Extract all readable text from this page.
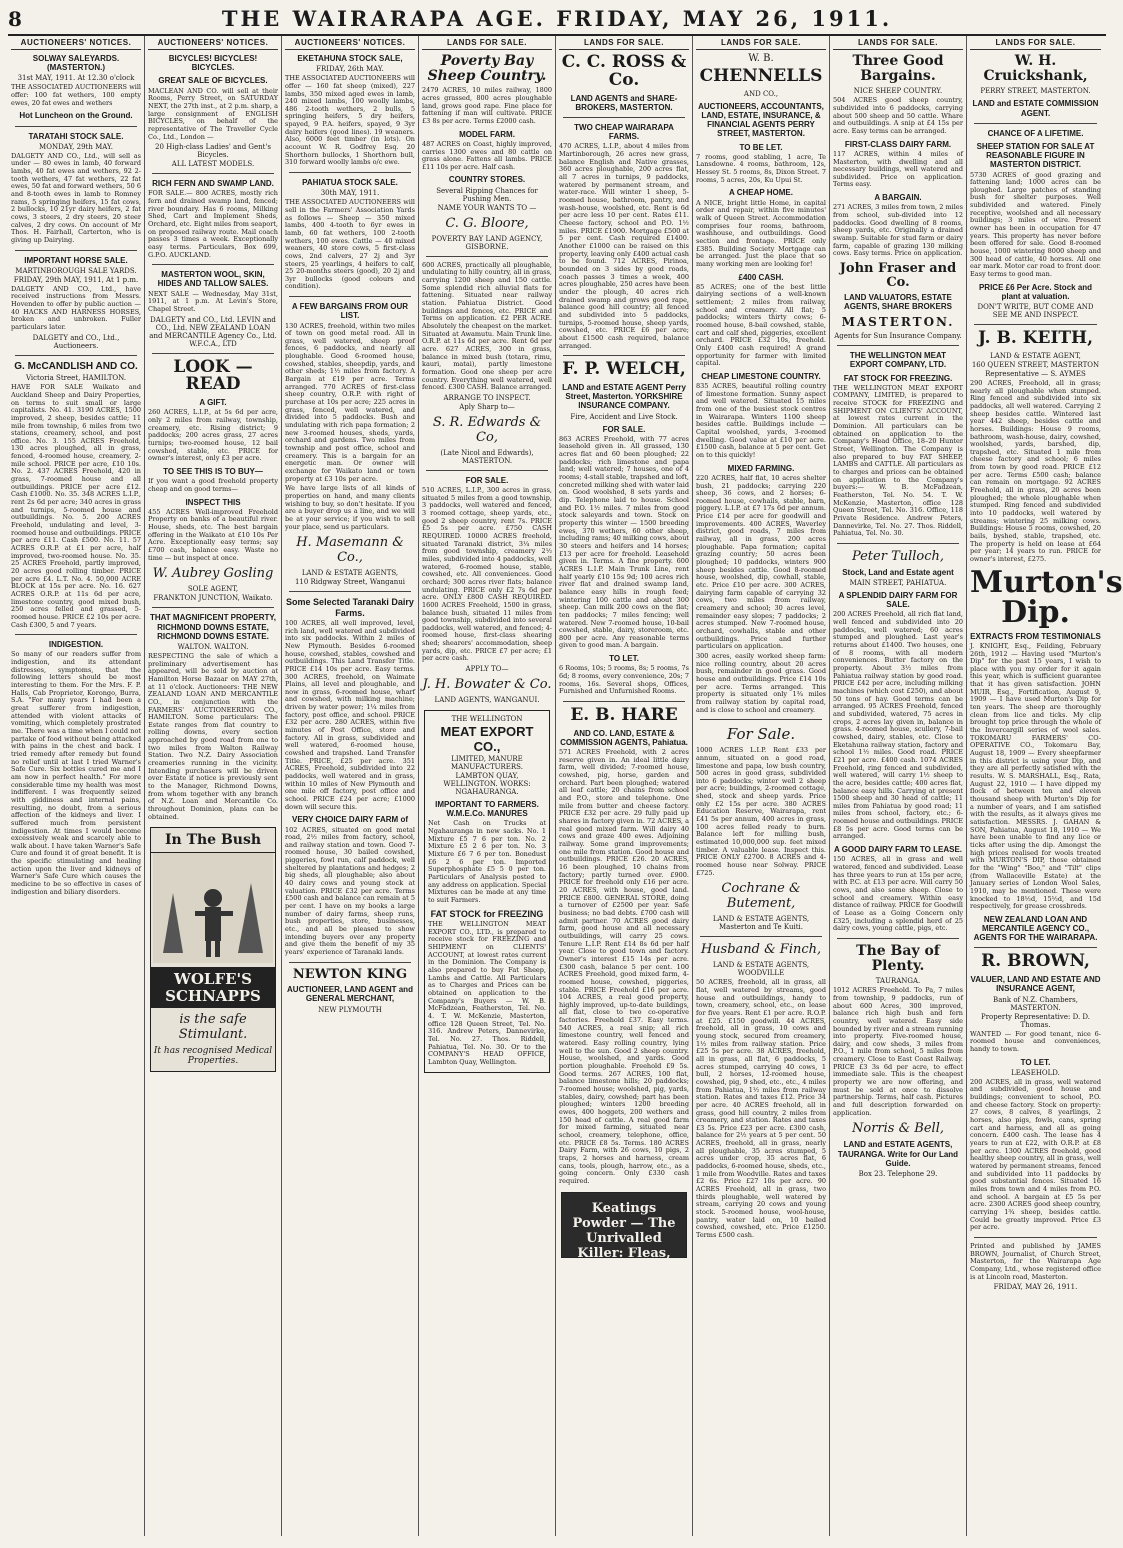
8	THE WAIRARAPA AGE. FRIDAY, MAY 26, 1911.
AUCTIONEERS' NOTICES.
SOLWAY SALEYARDS. (MASTERTON.)
31st MAY, 1911. At 12.30 o'clock
THE ASSOCIATED AUCTIONEERS will offer: 100 fat wethers, 100 empty ewes, 20 fat ewes and wethers
Hot Luncheon on the Ground.
TARATAHI STOCK SALE.
MONDAY, 29th MAY.
DALGETY AND CO., Ltd., will sell as under — 80 ewes in lamb, 40 forward lambs, 40 fat ewes and wethers, 92 2-tooth wethers, 47 fat wethers, 22 fat ewes, 50 fat and forward wethers, 50 6 and 8-tooth ewes in lamb to Romney rams, 5 springing heifers, 15 fat cows, 2 bullocks, 10 21yr dairy heifers, 2 fat cows, 3 steers, 2 dry steers, 20 steer calves, 2 dry cows. On account of Mr Thos. H. Fairhall, Carterton, who is giving up Dairying.
IMPORTANT HORSE SALE.
MARTINBOROUGH SALE YARDS.
FRIDAY, 29th MAY, 1911, At 1 p.m.
DALGETY AND CO., Ltd., have received instructions from Messrs. Hovenden to offer by public auction — 40 HACKS AND HARNESS HORSES, broken and unbroken. Fuller particulars later.
DALGETY and CO., Ltd., Auctioneers.
G. McCANDLISH AND CO.
Victoria Street, HAMILTON.
HAVE FOR SALE Waikato and Auckland Sheep and Dairy Properties, on terms to suit small or large capitalists. No. 41. 3190 ACRES, 1500 improved, 2 sheep, besides cattle; 11 mile from township, 6 miles from two stations, creamery, school, and post office. No. 3. 155 ACRES Freehold, 130 acres ploughed, all in grass, fenced, 4-roomed house, creamery, 2-mile school. PRICE per acre, £10 10s. No. 2. 437 ACRES Freehold, 420 in grass, 7-roomed house and all outbuildings. PRICE per acre £12. Cash £1000. No. 35. 348 ACRES L.I.P., rent 2s 6d per acre; 340 acres in grass and turnips, 5-roomed house and outbuildings. No. 5. 200 ACRES Freehold, undulating and level, 3-roomed house and outbuildings. PRICE per acre £11. Cash £500. No. 11. 57 ACRES O.R.P. at £1 per acre, half improved, two-roomed house. No. 35. 25 ACRES Freehold, partly improved, 20 acres good rolling timber. PRICE per acre £4. L.T. No. 4. 50,000 ACRE BLOCK at 15s per acre. No. 16. 627 ACRES O.R.P. at 11s 6d per acre, limestone country, good mixed bush, 250 acres felled and grassed, 5-roomed house. PRICE £2 10s per acre. Cash £300, 5 and 7 years.
INDIGESTION.
So many of our readers suffer from indigestion, and its attendant distresses, symptoms, that the following letters should be most interesting to them. For the Mrs. F. P. Halls, Cab Proprietor, Korongo, Burra, S.A. "For many years I had been a great sufferer from indigestion, attended with violent attacks of vomiting, which completely prostrated me. There was a time when I could not partake of food without being attacked with pains in the chest and back. I tried remedy after remedy but found no relief until at last I tried Warner's Safe Cure. Six bottles cured me and I am now in perfect health." For more considerable time my health was most indifferent. I was frequently seized with giddiness and internal pains, resulting, no doubt, from a serious affection of the kidneys and liver. I suffered much from persistent indigestion. At times I would become excessively weak and scarcely able to walk about. I have taken Warner's Safe Cure and found it of great benefit. It is the specific stimulating and healing action upon the liver and kidneys of Warner's Safe Cure which causes the medicine to be so effective in cases of indigestion and biliary disorders.
AUCTIONEERS' NOTICES.
BICYCLES! BICYCLES! BICYCLES.
GREAT SALE OF BICYCLES.
MACLEAN AND CO. will sell at their Rooms, Perry Street, on SATURDAY NEXT, the 27th inst., at 2 p.m. sharp, a large consignment of ENGLISH BICYCLES, on behalf of the representative of The Traveller Cycle Co., Ltd., London —
20 High-class Ladies' and Gent's Bicycles.
ALL LATEST MODELS.
RICH FERN AND SWAMP LAND.
FOR SALE.— 800 ACRES, mostly rich fern and drained swamp land, fenced; river boundary. Has 6 rooms, Milking Shed, Cart and Implement Sheds, Orchard, etc. Eight miles from seaport, on proposed railway route. Mail coach passes 3 times a week. Exceptionally easy terms. Particulars, Box 699, G.P.O. AUCKLAND.
MASTERTON WOOL, SKIN, HIDES AND TALLOW SALES.
NEXT SALE — Wednesday, May 31st, 1911, at 1 p.m. At Levin's Store, Chapel Street.
DALGETY and CO., Ltd. LEVIN and CO., Ltd. NEW ZEALAND LOAN and MERCANTILE Agency Co., Ltd. W.F.C.A., LTD
LOOK — READ
A GIFT.
260 ACRES, L.I.P., at 5s 6d per acre, only 2 miles from railway, township, creamery, etc. Rising district; 9 paddocks; 200 acres grass, 27 acres turnips; two-roomed house, 12 bail cowshed, stable, etc. PRICE for owner's interest, only £3 per acre.
TO SEE THIS IS TO BUY—
If you want a good freehold property cheap and on good terms—
INSPECT THIS
455 ACRES Well-improved Freehold Property on banks of a beautiful river. House, sheds, etc. The best bargain offering in the Waikato at £10 10s Per Acre. Exceptionally easy terms; say £700 cash, balance easy. Waste no time — but inspect at once.
W. Aubrey Gosling
SOLE AGENT,
FRANKTON JUNCTION, Waikato.
THAT MAGNIFICENT PROPERTY, RICHMOND DOWNS ESTATE, RICHMOND DOWNS ESTATE.
WALTON. WALTON.
RESPECTING the sale of which a preliminary advertisement has appeared, will be sold by auction at Hamilton Horse Bazaar on MAY 27th, at 11 o'clock. Auctioneers: THE NEW ZEALAND LOAN AND MERCANTILE CO., in conjunction with the FARMERS' AUCTIONEERING CO., HAMILTON. Some particulars: The Estate ranges from flat country to rolling downs, every section approached by good road from one to two miles from Walton Railway Station. Two N.Z. Dairy Association creameries running in the vicinity. Intending purchasers will be driven over Estate if notice is previously sent to the Manager, Richmond Downs, from whom together with any branch of N.Z. Loan and Mercantile Co. throughout Dominion, plans can be obtained.
In The Bush
WOLFE'S SCHNAPPS
is the safe Stimulant.
It has recognised Medical Properties.
AUCTIONEERS' NOTICES.
EKETAHUNA STOCK SALE,
FRIDAY, 26th MAY.
THE ASSOCIATED AUCTIONEERS will offer — 160 fat sheep (mixed), 227 lambs, 350 mixed aged ewes in lamb, 240 mixed lambs, 100 woolly lambs, 486 2-tooth wethers, 2 bulls, 5 springing heifers, 5 dry heifers, spayed, 9 P.A. heifers, spayed, 9 3yr dairy heifers (good lines). 19 weaners. Also, 6000 feet timber (in lots). On account W. R. Godfrey Esq. 20 Shorthorn bullocks, 1 Shorthorn bull, 310 forward woolly lambs o/c ewe.
PAHIATUA STOCK SALE.
30th MAY, 1911.
THE ASSOCIATED AUCTIONEERS will sell in the Farmers' Association Yards as follows — Sheep — 350 mixed lambs, 400 4-tooth to 6yr ewes in lamb, 60 fat wethers, 100 2-tooth wethers, 100 ewes. Cattle — 40 mixed weaners, 40 store cows, 5 first-class cows, 2nd calvers, 27 2j and 3yr steers, 25 yearlings, 4 heifers to calf, 25 20-months steers (good), 20 2j and 3yr bullocks (good colours and condition).
A FEW BARGAINS FROM OUR LIST.
130 ACRES, freehold, within two miles of town on good metal road. All in grass, well watered, sheep proof fences, 6 paddocks, and nearly all ploughable. Good 6-roomed house, cowshed, stables, sheepdip, yards, and other sheds; 1½ miles from factory. A Bargain at £19 per acre. Terms arranged. 770 ACRES of first-class sheep country, O.R.P. with right of purchase at 10s per acre; 225 acres in grass, fenced, well watered, and divided into 5 paddocks. Bush and undulating with rich papa formation; 2 new 3-roomed houses, sheds, yards, orchard and gardens. Two miles from township and post office, school and creamery. This is a bargain for an energetic man. Or owner will exchange for Waikato land or town property at £3 10s per acre.
We have large lists of all kinds of properties on hand, and many clients wishing to buy, so don't hesitate. If you are a buyer drop us a line, and we will be at your service; if you wish to sell your place, send us particulars.
H. Masemann & Co.,
LAND & ESTATE AGENTS,
110 Ridgway Street, Wanganui
Some Selected Taranaki Dairy Farms.
100 ACRES, all well improved, level, rich land, well watered and subdivided into six paddocks. Within 2 miles of New Plymouth. Besides 6-roomed house, cowshed, stables, cowshed and outbuildings. This Land Transfer Title. PRICE £14 10s per acre. Easy terms. 300 ACRES, freehold, on Waimate Plains, all level and ploughable, and now in grass, 6-roomed house, wharf and cowshed, with milking machine; driven by water power; 1¼ miles from factory, post office, and school. PRICE £32 per acre. 280 ACRES, within five minutes of Post Office, store and factory. All in grass, subdivided and well watered, 6-roomed house, cowshed and trapshed. Land Transfer Title. PRICE, £25 per acre. 351 ACRES, Freehold, subdivided into 22 paddocks, well watered and in grass, within 10 miles of New Plymouth and one mile off factory, post office and school. PRICE £24 per acre; £1000 down will secure this.
VERY CHOICE DAIRY FARM of
102 ACRES, situated on good metal road, 2½ miles from factory, school, and railway station and town. Good 7-roomed house, 30 bailed cowshed, piggeries, fowl run, calf paddock, well sheltered by plantations and hedges; 2 big sheds, all ploughable; also about 40 dairy cows and young stock at valuation. PRICE £32 per acre. Terms £500 cash and balance can remain at 5 per cent. I have on my books a large number of dairy farms, sheep runs, bush properties, store, businesses, etc., and all be pleased to show intending buyers over any property and give them the benefit of my 35 years' experience of Taranaki lands.
NEWTON KING
AUCTIONEER, LAND AGENT and GENERAL MERCHANT,
NEW PLYMOUTH
LANDS FOR SALE.
Poverty Bay Sheep Country.
2479 ACRES, 10 miles railway, 1800 acres grassed, 800 acres ploughable land, grows good rape. Fine place for fattening if man will cultivate. PRICE £3 8s per acre. Terms £2000 cash.
MODEL FARM.
487 ACRES on Coast, highly improved, carries 1300 ewes and 80 cattle on grass alone. Fattens all lambs. PRICE £11 10s per acre. Half cash.
COUNTRY STORES.
Several Ripping Chances for Pushing Men.
NAME YOUR WANTS TO —
C. G. Bloore,
POVERTY BAY LAND AGENCY, GISBORNE.
600 ACRES, practically all ploughable, undulating to hilly country, all in grass, carrying 1200 sheep and 150 cattle. Some splendid rich alluvial flats for fattening. Situated near railway station. Pahiatua District. Good buildings and fences, etc. PRICE and Terms on application. £2 PER ACRE. Absolutely the cheapest on the market. Situated at Awamutu. Main Trunk line. O.R.P. at 11s 6d per acre. Rent 6d per acre. 627 ACRES, 300 in grass, balance in mixed bush (totara, rimu, kauri, matai), partly limestone formation. Good one sheep per acre country. Everything well watered, well fenced. £300 CASH. Balance arranged.
ARRANGE TO INSPECT.
Aply Sharp to—
S. R. Edwards & Co,
(Late Nicol and Edwards), MASTERTON.
FOR SALE.
510 ACRES, L.I.P., 300 acres in grass, situated 5 miles from a good township, 3 paddocks, well watered and fenced, 3 roomed cottage, sheep yards, etc., good 2 sheep country, rent 7s. PRICE £5 5s per acre. £750 CASH REQUIRED. 10000 ACRES freehold, situated Taranaki district, 3¼ miles from good township, creamery 2½ miles, subdivided into 4 paddocks, well watered, 6-roomed house, stable, cowshed, etc. All conveniences. Good orchard; 300 acres river flats; balance undulating. PRICE only £2 7s 6d per acre. ONLY £800 CASH REQUIRED. 1600 ACRES Freehold, 1500 in grass, balance bush, situated 11 miles from good township, subdivided into several paddocks, well watered, and fenced; 4-roomed house, first-class shearing shed; shearers' accommodation, sheep yards, dip, etc. PRICE £7 per acre; £1 per acre cash.
APPLY TO—
J. H. Bowater & Co.
LAND AGENTS, WANGANUI.
THE WELLINGTON
MEAT EXPORT CO.,
LIMITED, MANURE MANUFACTURERS.
LAMBTON QUAY, WELLINGTON. WORKS: NGAHAURANGA.
IMPORTANT TO FARMERS. W.M.E.Co. MANURES
Net Cash on Trucks at Ngahauranga in new sacks. No. 1 Mixture £5 7 6 per ton. No. 2 Mixture £5 2 6 per ton. No. 3 Mixture £6 7 6 per ton. Bonedust £6 2 6 per ton. Imported Superphosphate £5 5 0 per ton. Particulars of Analysis posted to any address on application. Special Mixtures can be made at any time to suit Farmers.
FAT STOCK for FREEZING
THE WELLINGTON MEAT EXPORT CO., LTD., is prepared to receive stock for FREEZING and SHIPMENT on CLIENTS' ACCOUNT, at lowest rates current in the Dominion. The Company is also prepared to buy Fat Sheep, Lambs and Cattle. All Particulars as to Charges and Prices can be obtained on application to the Company's Buyers — W. B. McFadzean, Featherston, Tel. No. 4. T. W. McKenzie, Masterton, office 128 Queen Street, Tel. No. 316. Andrew Peters, Dannevirke, Tel. No. 27. Thos. Riddell, Pahiatua, Tel. No. 30. Or to the COMPANY'S HEAD OFFICE, Lambton Quay, Wellington.
LANDS FOR SALE.
C. C. ROSS & Co.
LAND AGENTS and SHARE-BROKERS, MASTERTON.
TWO CHEAP WAIRARAPA FARMS.
470 ACRES, L.I.P., about 4 miles from Martinborough, 26 acres new grass, balance English and Native grasses, 360 acres ploughable, 200 acres flat, all 7 acres in turnips, 9 paddocks, watered by permanent stream, and water-race. Will winter 1 sheep, 5-roomed house, bathroom, pantry, and wash-house, woolshed, etc. Rent is 6d per acre less 10 per cent. Rates £11. Cheese factory, school and P.O. 1½ miles. PRICE £1900. Mortgage £500 at 5 per cent. Cash required £1400. Another £1000 can be raised on this property, leaving only £400 actual cash to be found. 712 ACRES, Pirinoa, bounded on 3 sides by good roads, coach passes 3 times a week, 400 acres ploughable, 250 acres have been under the plough, 40 acres rich drained swamp and grows good rape, balance good hill country; all fenced and subdivided into 5 paddocks, turnips, 5-roomed house, sheep yards, cowshed, etc. PRICE £6 per acre; about £1500 cash required, balance arranged.
F. P. WELCH,
LAND and ESTATE AGENT Perry Street, Masterton. YORKSHIRE INSURANCE COMPANY.
Fire, Accident and Live Stock.
FOR SALE.
863 ACRES Freehold, with 77 acres leasehold given in. All grassed, 130 acres flat and 60 been ploughed; 22 paddocks; rich limestone and papa land; well watered; 7 houses, one of 4 rooms; 4-stall stable, trapshed and loft, concreted milking shed with water laid on. Good woolshed, 8 sets yards and dip. Telephone laid to house. School and P.O. 1½ miles. 7 miles from good stock saleyards and town. Stock on property this winter — 1500 breeding ewes, 370 wethers, 60 other sheep, including rams; 40 milking cows, about 30 steers and heifers and 14 horses; £13 per acre for freehold. Leasehold given in. Terms. A fine property. 600 ACRES L.I.P. Main Trunk Line, rent half yearly £10 15s 9d; 100 acres rich river flat and drained swamp land, balance easy hills in rough feed; wintering 100 cattle and about 300 sheep. Can milk 200 cows on the flat; ten paddocks; 7 miles fencing; well watered. New 7-roomed house, 10-bail cowshed, stable, dairy, storeroom, etc. 800 per acre. Any reasonable terms given to good man. A bargain.
TO LET.
6 Rooms, 10s; 5 rooms, 8s; 5 rooms, 7s 6d; 8 rooms, every convenience, 20s; 7 rooms, 16s. Several shops, Offices, Furnished and Unfurnished Rooms.
E. B. HARE
AND CO. LAND, ESTATE & COMMISSION AGENTS, Pahiatua.
571 ACRES Freehold, with 2 acres reserve given in. An ideal little dairy farm, well divided; 7-roomed house, cowshed, pig, horse, garden and orchard. Part been ploughed; watered all leaf cattle; 20 chains from school and P.O., store and telephone. One mile from butter and cheese factory. PRICE £32 per acre. 29 fully paid up shares in factory given in. 72 ACRES, a real good mixed farm. Will dairy 40 cows and graze 400 ewes. Adjoining railway. Some grand improvements; one mile from station. Good house and outbuildings. PRICE £26. 20 ACRES, 16 been ploughed, 10 chains from factory; partly turned over. £900. PRICE for freehold only £16 per acre. 20 ACRES, with house, good land. PRICE £800. GENERAL STORE, doing a turnover of £2500 per year. Safe business; no bad debts. £700 cash will admit partner. 70 ACRES good dairy farm, good house and all necessary outbuildings, will carry 25 cows. Tenure L.I.P. Rent £14 8s 6d per half year. Close to good town and factory. Owner's interest £15 14s per acre. £300 cash, balance 5 per cent. 100 ACRES Freehold, good mixed farm, 4-roomed house, cowshed, piggeries, stable. PRICE Freehold £16 per acre. 104 ACRES, a real good property, highly improved, up-to-date buildings, all flat, close to two co-operative factories. Freehold £37. Easy terms. 540 ACRES, a real snip; all rich limestone country, well fenced and watered. Easy rolling country, lying well to the sun. Good 2 sheep country. House, woolshed, and yards. Good portion ploughable. Freehold £9 5s. Good terms. 267 ACRES, 100 flat, balance limestone hills; 20 paddocks; 7-roomed house; woolshed, pig, yards, stables, dairy, cowshed; part has been ploughed; winters 1200 breeding ewes, 400 hoggets, 200 wethers and 150 head of cattle. A real good farm for mixed farming, situated near school, creamery, telephone, office, etc. PRICE £8 5s. Terms. 180 ACRES Dairy Farm, with 26 cows, 10 pigs, 2 traps, 2 horses and harness, cream cans, tools, plough, harrow, etc., as a going concern. Only £330 cash required.
Keatings Powder — The Unrivalled Killer: Fleas, Flies, Bugs, Beetles, etc.
LANDS FOR SALE.
W. B.
CHENNELLS
AND CO.,
AUCTIONEERS, ACCOUNTANTS, LAND, ESTATE, INSURANCE, & FINANCIAL AGENTS PERRY STREET, MASTERTON.
TO BE LET.
7 rooms, good stabling, 1 acre, Te Lansdowne. 4 rooms, bathroom, 12s, Hessey St. 5 rooms, 8s, Dixon Street. 7 rooms, 5 acres, 20s, Ku Upui St.
A CHEAP HOME.
A NICE, bright little Home, in capital order and repair, within five minutes' walk of Queen Street. Accommodation comprises four rooms, bathroom, washhouse, and outbuildings. Good section and frontage. PRICE only £385. Building Society Mortgage can be arranged. Just the place that so many working men are looking for!
£400 CASH.
85 ACRES; one of the best little dairying sections of a well-known settlement; 2 miles from railway, school and creamery. All flat; 5 paddocks; winters thirty cows; 6-roomed house, 8-bail cowshed, stable, cart and calf shed, piggeries, excellent orchard. PRICE £32 10s, freehold. Only £400 cash required! A grand opportunity for farmer with limited capital.
CHEAP LIMESTONE COUNTRY.
835 ACRES, beautiful rolling country of limestone formation. Sunny aspect and well watered. Situated 15 miles from one of the busiest stock centres in Wairarapa. Winters 1100 sheep besides cattle. Buildings include — Capital woolshed, yards, 3-roomed dwelling. Good value at £10 per acre. £1500 cash, balance at 5 per cent. Get on to this quickly!
MIXED FARMING.
220 ACRES, half flat, 10 acres shelter bush, 21 paddocks; carrying 220 sheep, 36 cows, and 2 horses; 6-roomed house, cowhails, stable, barn, piggery. L.I.P. at £7 17s 6d per annum. Price £14 per acre for goodwill and improvements. 400 ACRES, Waverley district, good roads, 7 miles from railway, all in grass, 200 acres ploughable. Papa formation; capital grazing country; 50 acres been ploughed; 10 paddocks, winters 900 sheep besides cattle. Good 8-roomed house, woolshed, dip, cowhall, stable, etc. Price £10 per acre. 300 ACRES, dairying farm capable of carrying 32 cows, two miles from railway, creamery and school; 30 acres level, remainder easy slopes; 7 paddocks; 2 acres stumped. New 7-roomed house, orchard, cowhalls, stable and other outbuildings. Price and further particulars on application.
300 acres, easily worked sheep farm: nice rolling country, about 20 acres bush, remainder in good grass. Good house and outbuildings. Price £14 10s per acre. Terms arranged. This property is situated only 1¾ miles from railway station by capital road, and is close to school and creamery.
For Sale.
1000 ACRES L.I.P. Rent £33 per annum, situated on a good road, limestone and papa, low bush country, 500 acres in good grass, subdivided into 6 paddocks; winter well 2 sheep per acre; buildings, 2-roomed cottage, shed, stock and sheep yards. Price only £2 15s per acre. 380 ACRES Education Reserve, Wairarapa, rent £41 5s per annum, 400 acres in grass, 100 acres felled ready to burn. Balance left for milling bush, estimated 10,000,000 sup. feet mixed timber. A valuable lease. Inspect this. PRICE ONLY £2700. 8 ACRES and 4-roomed house near Solway. PRICE £725.
Cochrane & Butement,
LAND & ESTATE AGENTS, Masterton and Te Kuiti.
Husband & Finch,
LAND & ESTATE AGENTS, WOODVILLE
50 ACRES, freehold, all in grass, all flat, well watered by streams, good house and outbuildings, handy to town, creamery, school, etc., on lease for five years. Rent £1 per acre. R.O.P. at £25. £150 goodwill. 44 ACRES, freehold, all in grass, 10 cows and young stock, secured from creamery, 1½ miles from railway station. Price £25 5s per acre. 38 ACRES, freehold, all in grass, all flat, 6 paddocks, 5 acres stumped, carrying 40 cows, 1 bull, 2 horses, 12-roomed house, cowshed, pig, 9 shed, etc., etc., 4 miles from Pahiatua, 1½ miles from railway station. Rates and taxes £12. Price 34 per acre. 40 ACRES freehold, all in grass, good hill country, 2 miles from creamery, and station. Rates and taxes £3 5s. Price £23 per acre. £300 cash, balance for 2½ years at 5 per cent. 50 ACRES, freehold, all in grass, nearly all ploughable, 35 acres stumped, 5 acres under crop, 35 acres flat, 6 paddocks, 6-roomed house, sheds, etc., 1 mile from Woodville. Rates and taxes £2 6s. Price £27 10s per acre. 90 ACRES Freehold, all in grass, two thirds ploughable, well watered by stream, carrying 20 cows and young stock. 5-roomed house, wool-house, pantry, water laid on, 10 bailed cowshed, cowshed, etc. Price £1250. Terms £500 cash.
LANDS FOR SALE.
Three Good Bargains.
NICE SHEEP COUNTRY.
504 ACRES good sheep country, subdivided into 6 paddocks, carrying about 500 sheep and 50 cattle. Whare and outbuildings. A snip at £4 15s per acre. Easy terms can be arranged.
FIRST-CLASS DAIRY FARM.
117 ACRES, within 4 miles of Masterton, with dwelling and all necessary buildings, well watered and subdivided. Price on application. Terms easy.
A BARGAIN.
271 ACRES, 3 miles from town, 2 miles from school, sub-divided into 12 paddocks. Good dwelling of 8 rooms, sheep yards, etc. Originally a drained swamp. Suitable for stud farm or dairy farm, capable of grazing 130 milking cows. Easy terms. Price on application.
John Fraser and Co.
LAND VALUATORS, ESTATE AGENTS, SHARE BROKERS
MASTERTON.
Agents for Sun Insurance Company.
THE WELLINGTON MEAT EXPORT COMPANY, LTD.
FAT STOCK FOR FREEZING.
THE WELLINGTON MEAT EXPORT COMPANY, LIMITED, is prepared to receive STOCK for FREEZING and SHIPMENT ON CLIENTS' ACCOUNT, at lowest rates current in the Dominion. All particulars can be obtained on application to the Company's Head Office, 18–20 Hunter Street, Wellington. The Company is also prepared to buy FAT SHEEP, LAMBS and CATTLE. All particulars as to charges and prices can be obtained on application to the Company's buyers:— W. B. McFadzean, Featherston, Tel. No. 54. T. W. McKenzie, Masterton, office 128 Queen Street, Tel. No. 316. Office, 118 Private Residence. Andrew Peters, Dannevirke, Tel. No. 27. Thos. Riddell, Pahiatua, Tel. No. 30.
Peter Tulloch,
Stock, Land and Estate agent
MAIN STREET, PAHIATUA.
A SPLENDID DAIRY FARM FOR SALE.
200 ACRES Freehold, all rich flat land, well fenced and subdivided into 20 paddocks, well watered; 60 acres stumped and ploughed. Last year's returns about £1400. Two houses, one of 8 rooms, with all modern conveniences. Butter factory on the property. About 3½ miles from Pahiatua railway station by good road. PRICE £42 per acre, including milking machines (which cost £250), and about 50 tons of hay. Good terms can be arranged. 95 ACRES Freehold, fenced and subdivided, watered, 75 acres in crops, 2 acres lay given in, balance in grass. 4-roomed house, scullery, 7-bail cowshed, dairy, stables, etc. Close to Eketahuna railway station, factory and school 1½ miles. Good road. PRICE £21 per acre. £400 cash. 1074 ACRES Freehold, ring fenced and subdivided, well watered, will carry 1½ sheep to the acre, besides cattle; 400 acres flat, balance easy hills. Carrying at present 1500 sheep and 30 head of cattle; 11 miles from Pahiatua by good road; 11 miles from school, factory, etc.; 6-roomed house and outbuildings. PRICE £8 5s per acre. Good terms can be arranged.
A GOOD DAIRY FARM TO LEASE.
150 ACRES, all in grass and well watered, fenced and subdivided. Lease has three years to run at 15s per acre, with P.C. at £13 per acre. Will carry 50 cows, and also some sheep. Close to school and creamery. Within easy distance of railway. PRICE for Goodwill of Lease as a Going Concern only £325, including a splendid herd of 25 dairy cows, young cattle, pigs, etc.
The Bay of Plenty.
TAURANGA.
1012 ACRES Freehold. To Pa, 7 miles from township, 9 paddocks, run of about 600 Acres, 300 improved, balance rich high bush and fern country, well watered. Easy side bounded by river and a stream running into property. Five-roomed house, dairy, and cow sheds, 3 miles from P.O., 1 mile from school, 5 miles from creamery. Close to East Coast Railway. PRICE £3 3s 6d per acre, to effect immediate sale. This is the cheapest property we are now offering, and must be sold at once to dissolve partnership. Terms, half cash. Pictures and full description forwarded on application.
Norris & Bell,
LAND and ESTATE AGENTS, TAURANGA. Write for Our Land Guide.
Box 23. Telephone 29.
LANDS FOR SALE.
W. H. Cruickshank,
PERRY STREET, MASTERTON.
LAND and ESTATE COMMISSION AGENT.
CHANCE OF A LIFETIME.
SHEEP STATION FOR SALE AT REASONABLE FIGURE IN MASTERTON DISTRICT.
5730 ACRES of good grazing and fattening land; 1000 acres can be ploughed. Large patches of standing bush for shelter purposes. Well subdivided and watered. Finely receptive, woolshed and all necessary buildings; 3 miles of wire. Present owner has been in occupation for 47 years. This property has never before been offered for sale. Good 8-roomed house, 1000 wintering 8000 sheep and 300 head of cattle, 40 horses. All one ear mark. Motor car road to front door. Easy terms to good man.
PRICE £6 Per Acre. Stock and plant at valuation.
DON'T WRITE, BUT COME AND SEE ME AND INSPECT.
J. B. KEITH,
LAND & ESTATE AGENT,
160 QUEEN STREET, MASTERTON
Representative — S. AYMES
290 ACRES, Freehold, all in grass; nearly all ploughable when stumped. Ring fenced and subdivided into six paddocks, all well watered. Carrying 2 sheep besides cattle. Wintered last year 442 sheep, besides cattle and horses. Buildings: House 9 rooms, bathroom, wash-house, dairy, cowshed, woolshed, yards, barshed, dip, trapshed, etc. Situated 1 mile from cheese factory and school; 6 miles from town by good road. PRICE £12 per acre. Terms £500 cash; balance can remain on mortgage. 92 ACRES Freehold, all in grass, 20 acres been ploughed; the whole ploughable when stumped. Ring fenced and subdivided into 10 paddocks, well watered by streams; wintering 25 milking cows. Buildings: House 5 rooms, cowshed, 20 bails, byshed, stable, trapshed, etc. The property is held on lease at £64 per year; 14 years to run. PRICE for owner's interest, £275.
Murton's Dip.
EXTRACTS FROM TESTIMONIALS
J. KNIGHT, Esq., Feilding, February 26th, 1912 — Having used "Murton's Dip" for the past 15 years, I wish to place with you my order for it again this year, which is sufficient guarantee that it has given satisfaction. JOHN MUIR, Esq., Fortification, August 9, 1909 — I have used Murton's Dip for ten years. The sheep are thoroughly clean from lice and ticks. My clip brought top price through the whole of the Invercargill series of wool sales. TOKOMARU FARMERS' CO-OPERATIVE CO., Tokomaru Bay, August 18, 1909 — Every sheepfarmer in this district is using your Dip, and they are all perfectly satisfied with the results. W. S. MARSHALL, Esq., Rata, August 22, 1910 — I have dipped my flock of between ten and eleven thousand sheep with Murton's Dip for a number of years, and I am satisfied with the results, as it always gives me satisfaction. MESSRS. J. GAHAN & SON, Pahiatua, August 18, 1910 — We have been unable to find any lice or ticks after using the dip. Amongst the high prices realised for wools treated with MURTON'S DIP, those obtained for the "Wing" "Boo," and "Tilt" clips (from Wallaceville Estate) at the January series of London Wool Sales, 1910, may be mentioned. These were knocked to 18½d, 15½d, and 15d respectively, for grease crossbreds.
NEW ZEALAND LOAN AND MERCANTILE AGENCY CO., AGENTS FOR THE WAIRARAPA.
R. BROWN,
VALUER, LAND AND ESTATE AND INSURANCE AGENT,
Bank of N.Z. Chambers, MASTERTON.
Property Representative: D. D. Thomas.
WANTED — For good tenant, nice 6-roomed house and conveniences, handy to town.
TO LET.
LEASEHOLD.
200 ACRES, all in grass, well watered and subdivided, good house and buildings; convenient to school, P.O. and cheese factory. Stock on property: 27 cows, 8 calves, 8 yearlings, 2 horses, also pigs, fowls, cans, spring cart and harness, and all as going concern. £400 cash. The lease has 4 years to run at £22, with O.R.P. at £8 per acre. 1300 ACRES freehold, good healthy sheep country, all in grass, well watered by permanent streams, fenced and subdivided into 11 paddocks by good substantial fences. Situated 16 miles from town and 4 miles from P.O. and school. A bargain at £5 5s per acre. 2300 ACRES good sheep country, carrying 1¾ sheep, besides cattle. Could be greatly improved. Price £3 per acre.
Printed and published by JAMES BROWN, Journalist, of Church Street, Masterton, for the Wairarapa Age Company, Ltd., whose registered office is at Lincoln road, Masterton.
FRIDAY, MAY 26, 1911.
